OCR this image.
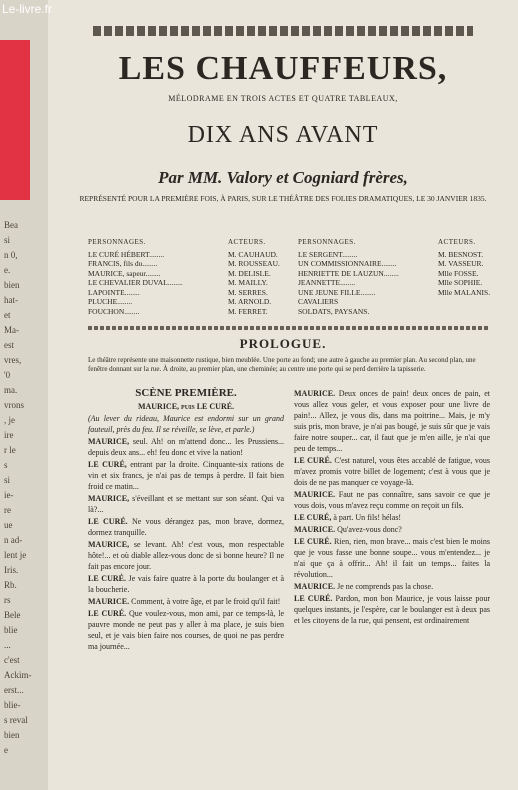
Le-livre.fr
Bea
si
n 0,
e.
bien
hat-
et
Ma-
est
vres,
'0
ma.
vrons
, je
ire
r le
s
si
ie-
re
ue
n ad-
lent je
Iris.
Rb.
rs
Bele
blie
...
c'est
Ackim-
erst...
blie-
s reval
bien
e
LES CHAUFFEURS,
MÉLODRAME EN TROIS ACTES ET QUATRE TABLEAUX,
DIX ANS AVANT
Par MM. Valory et Cogniard frères,
REPRÉSENTÉ POUR LA PREMIÈRE FOIS, À PARIS, SUR LE THÉÂTRE DES FOLIES DRAMATIQUES, LE 30 JANVIER 1835.
PERSONNAGES.	ACTEURS.
LE CURÉ HÉBERT........	M. CAUHAUD.
FRANCIS, fils du........	M. ROUSSEAU.
MAURICE, sapeur........	M. DELISLE.
LE CHEVALIER DUVAL........	M. MAILLY.
LAPOINTE........	M. SERRES.
PLUCHE........	M. ARNOLD.
FOUCHON........	M. FERRET.
PERSONNAGES.	ACTEURS.
LE SERGENT........	M. BESNOST.
UN COMMISSIONNAIRE........	M. VASSEUR.
HENRIETTE DE LAUZUN........	Mlle FOSSE.
JEANNETTE........	Mlle SOPHIE.
UNE JEUNE FILLE........	Mlle MALANIS.
CAVALIERS
SOLDATS, PAYSANS.
PROLOGUE.
Le théâtre représente une maisonnette rustique, bien meublée. Une porte au fond; une autre à gauche au premier plan. Au second plan, une fenêtre donnant sur la rue. À droite, au premier plan, une cheminée; au centre une porte qui se perd derrière la tapisserie.

SCÈNE PREMIÈRE.

MAURICE, puis LE CURÉ.

(Au lever du rideau, Maurice est endormi sur un grand fauteuil, près du feu. Il se réveille, se lève, et parle.)

MAURICE, seul. Ah! on m'attend donc... les Prussiens... depuis deux ans... eh! feu donc et vive la nation!

LE CURÉ, entrant par la droite. Cinquante-six rations de vin et six francs, je n'ai pas de temps à perdre. Il fait bien froid ce matin...

MAURICE, s'éveillant et se mettant sur son séant. Qui va là?...

LE CURÉ. Ne vous dérangez pas, mon brave, dormez, dormez tranquille.

MAURICE, se levant. Ah! c'est vous, mon respectable hôte!... et où diable allez-vous donc de si bonne heure? Il ne fait pas encore jour.

LE CURÉ. Je vais faire quatre à la porte du boulanger et à la boucherie.

MAURICE. Comment, à votre âge, et par le froid qu'il fait!

LE CURÉ. Que voulez-vous, mon ami, par ce temps-là, le pauvre monde ne peut pas y aller à ma place, je suis bien seul, et je vais bien faire nos courses, de quoi ne pas perdre ma journée...

MAURICE. Deux onces de pain! deux onces de pain, et vous allez vous geler, et vous exposer pour une livre de pain!... Allez, je vous dis, dans ma poitrine... Mais, je m'y suis pris, mon brave, je n'ai pas bougé, je suis sûr que je vais faire notre souper... car, il faut que je m'en aille, je n'ai que peu de temps...

LE CURÉ. C'est naturel, vous êtes accablé de fatigue, vous m'avez promis votre billet de logement; c'est à vous que je dois de ne pas manquer ce voyage-là.

MAURICE. Faut ne pas connaître, sans savoir ce que je vous dois, vous m'avez reçu comme on reçoit un fils.

LE CURÉ, à part. Un fils! hélas!

MAURICE. Qu'avez-vous donc?

LE CURÉ. Rien, rien, mon brave... mais c'est bien le moins que je vous fasse une bonne soupe... vous m'entendez... je n'ai que ça à offrir... Ah! il fait un temps... faites la révolution...

MAURICE. Je ne comprends pas la chose.

LE CURÉ. Pardon, mon bon Maurice, je vous laisse pour quelques instants, je l'espère, car le boulanger est à deux pas et les citoyens de la rue, qui pensent, est ordinairement
